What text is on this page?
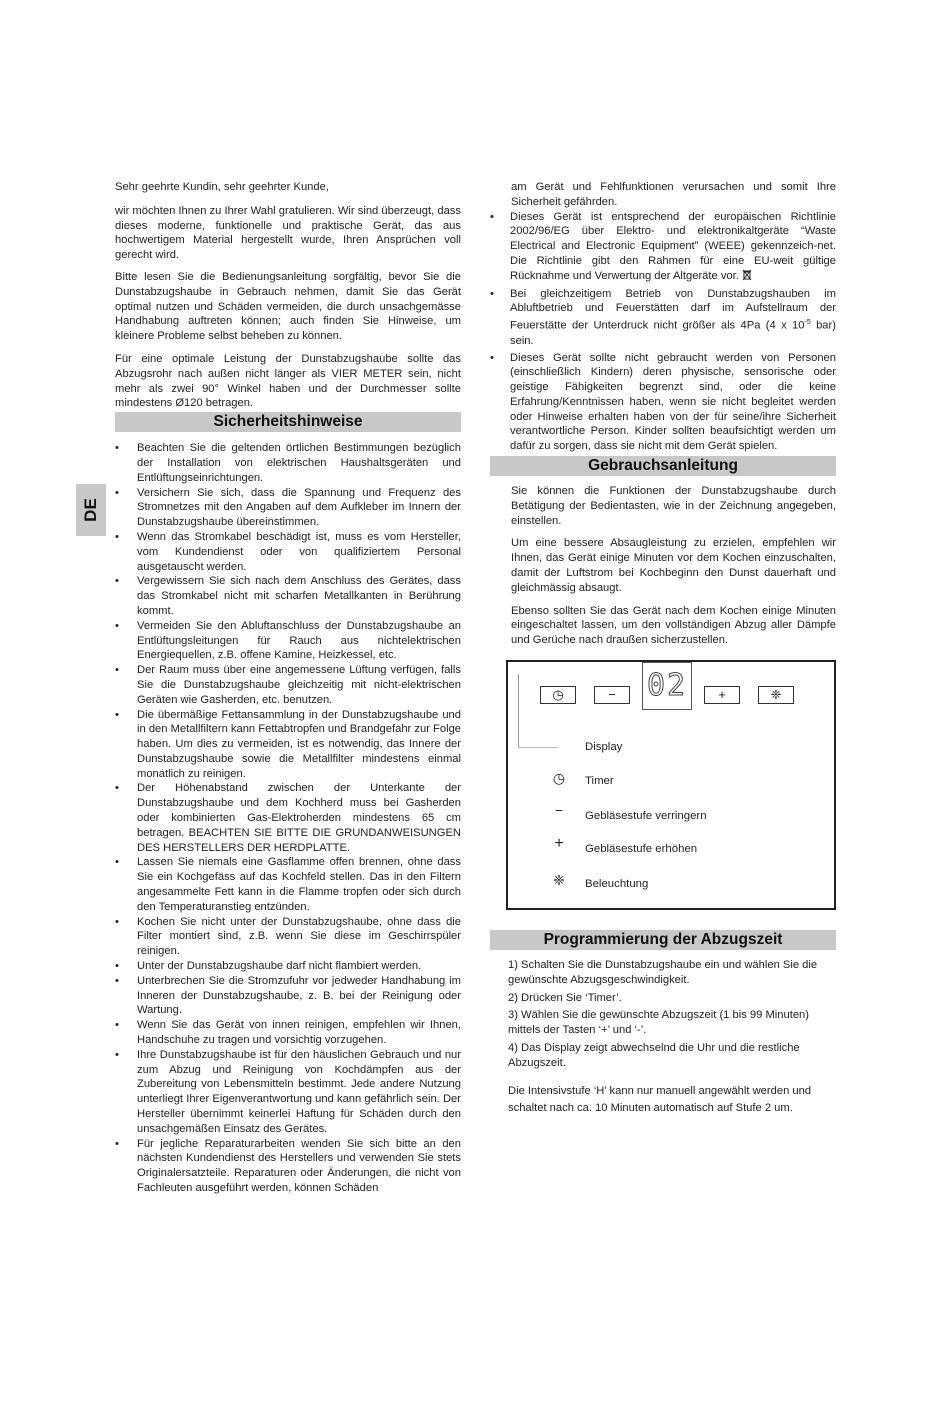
DE

Sehr geehrte Kundin, sehr geehrter Kunde,

wir möchten Ihnen zu Ihrer Wahl gratulieren. Wir sind überzeugt, dass dieses moderne, funktionelle und praktische Gerät, das aus hochwertigem Material hergestellt wurde, Ihren Ansprüchen voll gerecht wird.

Bitte lesen Sie die Bedienungsanleitung sorgfältig, bevor Sie die Dunstabzugshaube in Gebrauch nehmen, damit Sie das Gerät optimal nutzen und Schäden vermeiden, die durch unsachgemässe Handhabung auftreten können; auch finden Sie Hinweise, um kleinere Probleme selbst beheben zu können.

Für eine optimale Leistung der Dunstabzugshaube sollte das Abzugsrohr nach außen nicht länger als VIER METER sein, nicht mehr als zwei 90° Winkel haben und der Durchmesser sollte mindestens Ø120 betragen.

Sicherheitshinweise
• Beachten Sie die geltenden örtlichen Bestimmungen bezüglich der Installation von elektrischen Haushaltsgeräten und Entlüftungseinrichtungen.
• Versichern Sie sich, dass die Spannung und Frequenz des Stromnetzes mit den Angaben auf dem Aufkleber im Innern der Dunstabzugshaube übereinstimmen.
• Wenn das Stromkabel beschädigt ist, muss es vom Hersteller, vom Kundendienst oder von qualifiziertem Personal ausgetauscht werden.
• Vergewissern Sie sich nach dem Anschluss des Gerätes, dass das Stromkabel nicht mit scharfen Metallkanten in Berührung kommt.
• Vermeiden Sie den Abluftanschluss der Dunstabzugshaube an Entlüftungsleitungen für Rauch aus nichtelektrischen Energiequellen, z.B. offene Kamine, Heizkessel, etc.
• Der Raum muss über eine angemessene Lüftung verfügen, falls Sie die Dunstabzugshaube gleichzeitig mit nicht-elektrischen Geräten wie Gasherden, etc. benutzen.
• Die übermäßige Fettansammlung in der Dunstabzugshaube und in den Metallfiltern kann Fettabtropfen und Brandgefahr zur Folge haben. Um dies zu vermeiden, ist es notwendig, das Innere der Dunstabzugshaube sowie die Metallfilter mindestens einmal monatlich zu reinigen.
• Der Höhenabstand zwischen der Unterkante der Dunstabzugshaube und dem Kochherd muss bei Gasherden oder kombinierten Gas-Elektroherden mindestens 65 cm betragen. BEACHTEN SIE BITTE DIE GRUNDANWEISUNGEN DES HERSTELLERS DER HERDPLATTE.
• Lassen Sie niemals eine Gasflamme offen brennen, ohne dass Sie ein Kochgefäss auf das Kochfeld stellen. Das in den Filtern angesammelte Fett kann in die Flamme tropfen oder sich durch den Temperaturanstieg entzünden.
• Kochen Sie nicht unter der Dunstabzugshaube, ohne dass die Filter montiert sind, z.B. wenn Sie diese im Geschirrspüler reinigen.
• Unter der Dunstabzugshaube darf nicht flambiert werden.
• Unterbrechen Sie die Stromzufuhr vor jedweder Handhabung im Inneren der Dunstabzugshaube, z. B. bei der Reinigung oder Wartung.
• Wenn Sie das Gerät von innen reinigen, empfehlen wir Ihnen, Handschuhe zu tragen und vorsichtig vorzugehen.
• Ihre Dunstabzugshaube ist für den häuslichen Gebrauch und nur zum Abzug und Reinigung von Kochdämpfen aus der Zubereitung von Lebensmitteln bestimmt. Jede andere Nutzung unterliegt Ihrer Eigenverantwortung und kann gefährlich sein. Der Hersteller übernimmt keinerlei Haftung für Schäden durch den unsachgemäßen Einsatz des Gerätes.
• Für jegliche Reparaturarbeiten wenden Sie sich bitte an den nächsten Kundendienst des Herstellers und verwenden Sie stets Originalersatzteile. Reparaturen oder Änderungen, die nicht von Fachleuten ausgeführt werden, können Schäden

am Gerät und Fehlfunktionen verursachen und somit Ihre Sicherheit gefährden.

• Dieses Gerät ist entsprechend der europäischen Richtlinie 2002/96/EG über Elektro- und elektronikaltgeräte “Waste Electrical and Electronic Equipment” (WEEE) gekennzeich-net. Die Richtlinie gibt den Rahmen für eine EU-weit gültige Rücknahme und Verwertung der Altgeräte vor.
• Bei gleichzeitigem Betrieb von Dunstabzugshauben im Abluftbetrieb und Feuerstätten darf im Aufstellraum der Feuerstätte der Unterdruck nicht größer als 4Pa (4 x $10^{-5}$ bar) sein.
• Dieses Gerät sollte nicht gebraucht werden von Personen (einschließlich Kindern) deren physische, sensorische oder geistige Fähigkeiten begrenzt sind, oder die keine Erfahrung/Kenntnissen haben, wenn sie nicht begleitet werden oder Hinweise erhalten haben von der für seine/ihre Sicherheit verantwortliche Person. Kinder sollten beaufsichtigt werden um dafür zu sorgen, dass sie nicht mit dem Gerät spielen.
Gebrauchsanleitung

Sie können die Funktionen der Dunstabzugshaube durch Betätigung der Bedientasten, wie in der Zeichnung angegeben, einstellen.

Um eine bessere Absaugleistung zu erzielen, empfehlen wir Ihnen, das Gerät einige Minuten vor dem Kochen einzuschalten, damit der Luftstrom bei Kochbeginn den Dunst dauerhaft und gleichmässig absaugt.

Ebenso sollten Sie das Gerät nach dem Kochen einige Minuten eingeschaltet lassen, um den vollständigen Abzug aller Dämpfe und Gerüche nach draußen sicherzustellen.

◷	− 02	+	❈
Display
◷	Timer
−	Gebläsestufe verringern
+	Gebläsestufe erhöhen
❈	Beleuchtung
Programmierung der Abzugszeit

1) Schalten Sie die Dunstabzugshaube ein und wählen Sie die gewünschte Abzugsgeschwindigkeit.

2) Drücken Sie ‘Timer’.

3) Wählen Sie die gewünschte Abzugszeit (1 bis 99 Minuten) mittels der Tasten ‘+’ und ‘-’.

4) Das Display zeigt abwechselnd die Uhr und die restliche Abzugszeit.

Die Intensivstufe ‘H’ kann nur manuell angewählt werden und schaltet nach ca. 10 Minuten automatisch auf Stufe 2 um.
